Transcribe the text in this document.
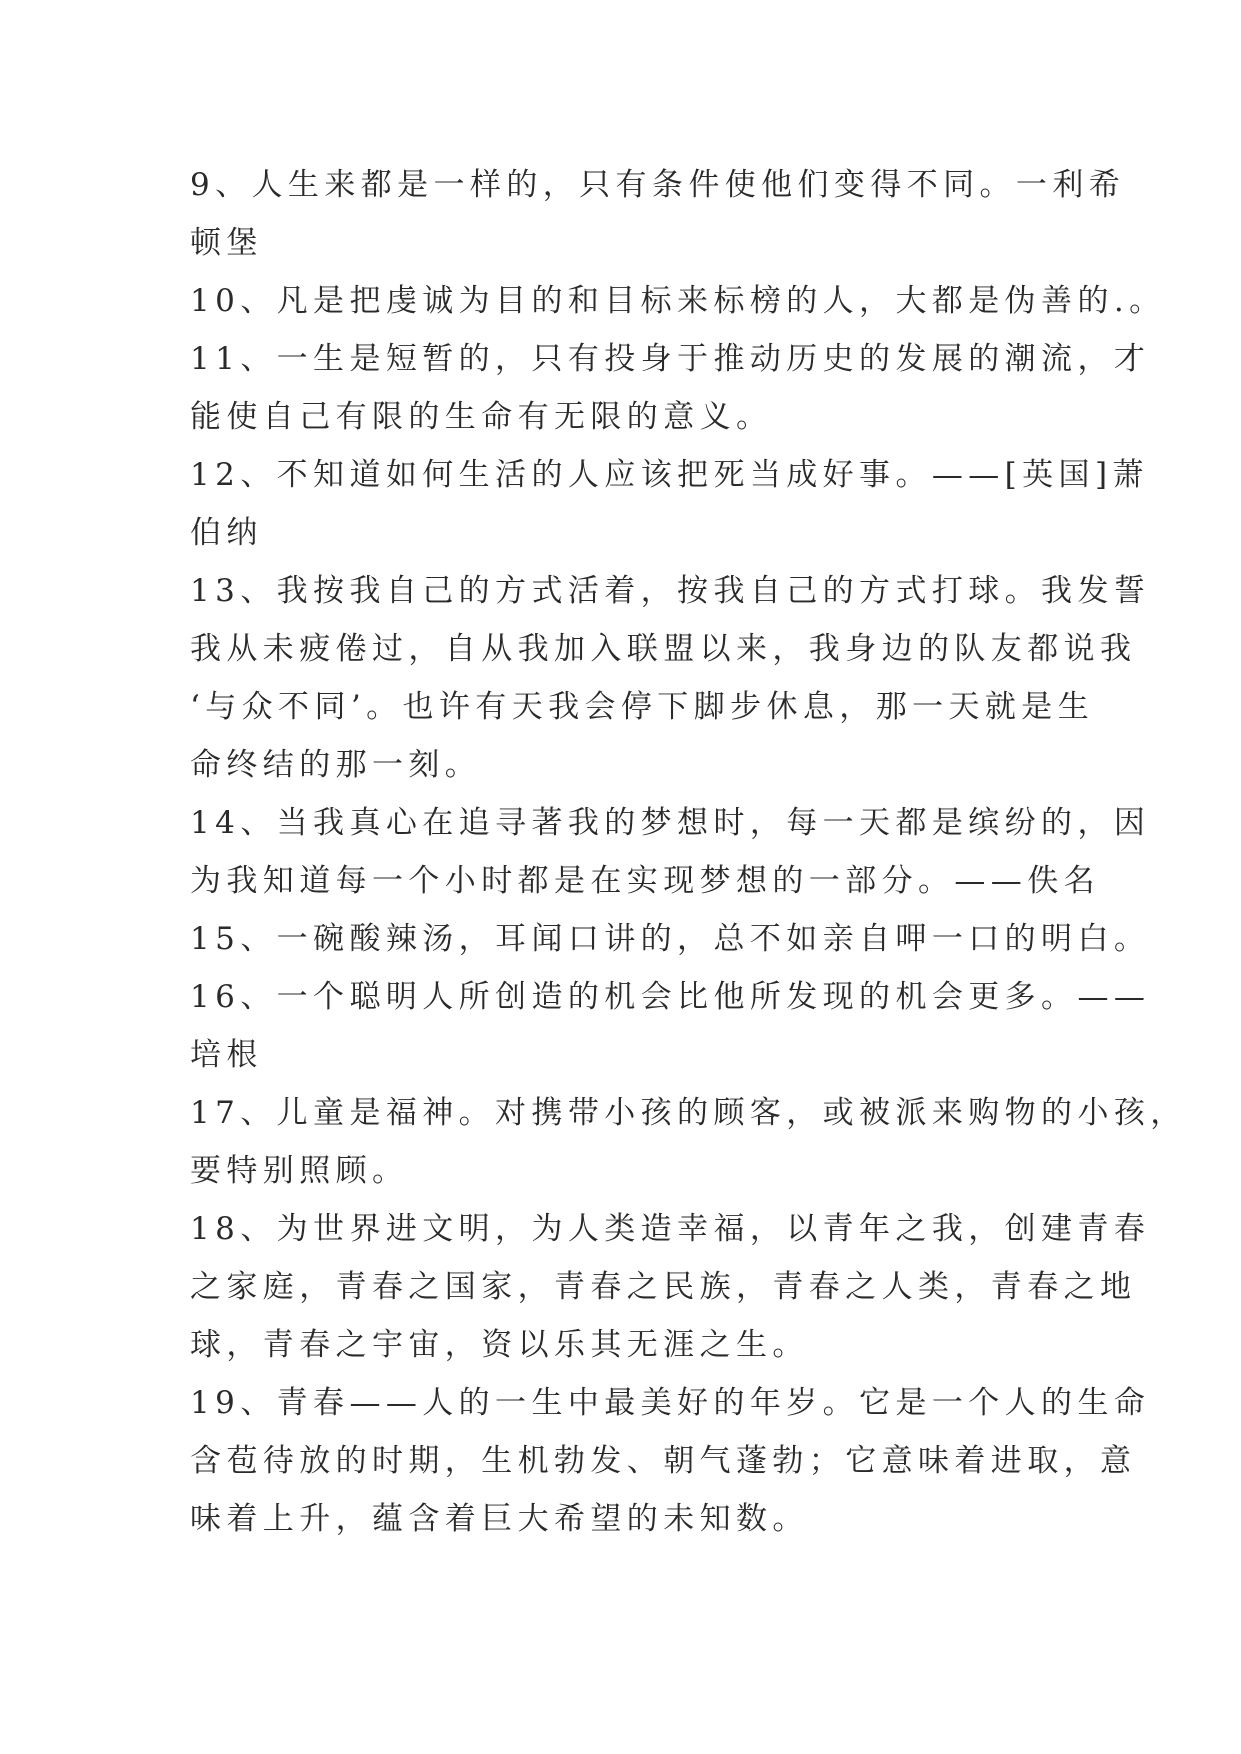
9、人生来都是一样的，只有条件使他们变得不同。一利希
顿堡
10、凡是把虔诚为目的和目标来标榜的人，大都是伪善的.。
11、一生是短暂的，只有投身于推动历史的发展的潮流，才
能使自己有限的生命有无限的意义。
12、不知道如何生活的人应该把死当成好事。——[英国]萧
伯纳
13、我按我自己的方式活着，按我自己的方式打球。我发誓
我从未疲倦过，自从我加入联盟以来，我身边的队友都说我
‘与众不同’。也许有天我会停下脚步休息，那一天就是生
命终结的那一刻。
14、当我真心在追寻著我的梦想时，每一天都是缤纷的，因
为我知道每一个小时都是在实现梦想的一部分。——佚名
15、一碗酸辣汤，耳闻口讲的，总不如亲自呷一口的明白。
16、一个聪明人所创造的机会比他所发现的机会更多。——
培根
17、儿童是福神。对携带小孩的顾客，或被派来购物的小孩，
要特别照顾。
18、为世界进文明，为人类造幸福，以青年之我，创建青春
之家庭，青春之国家，青春之民族，青春之人类，青春之地
球，青春之宇宙，资以乐其无涯之生。
19、青春——人的一生中最美好的年岁。它是一个人的生命
含苞待放的时期，生机勃发、朝气蓬勃；它意味着进取，意
味着上升，蕴含着巨大希望的未知数。
